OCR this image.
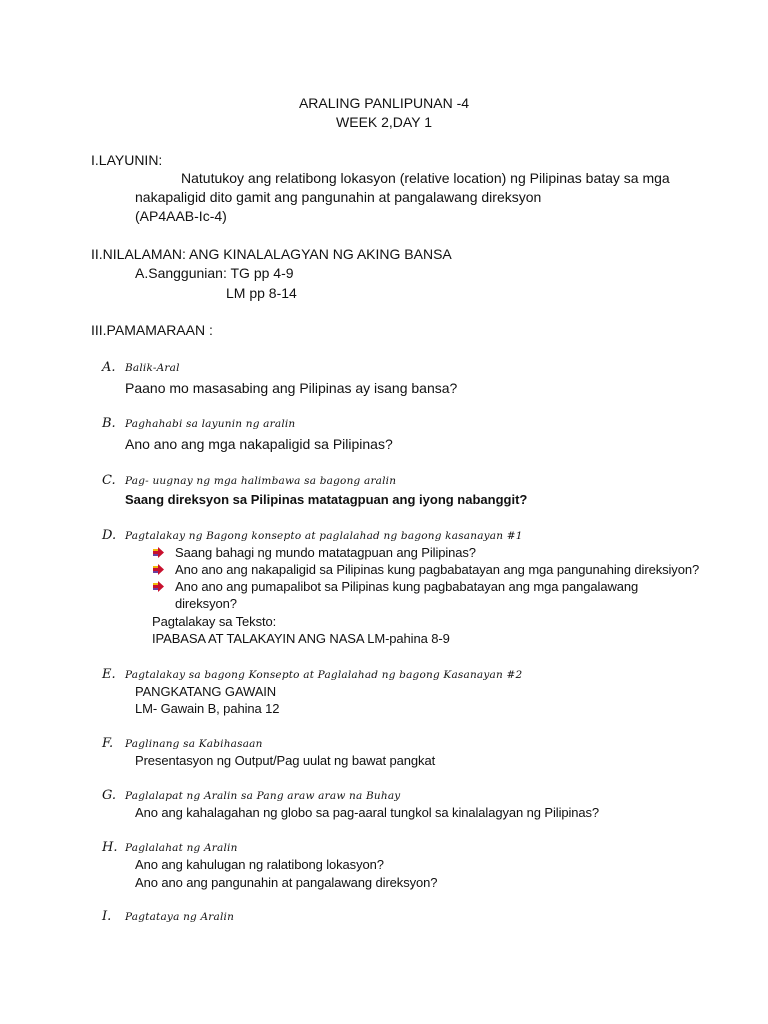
ARALING PANLIPUNAN -4
WEEK 2,DAY 1
I.LAYUNIN:
Natutukoy ang relatibong lokasyon (relative location) ng Pilipinas batay sa mga
nakapaligid dito gamit ang pangunahin at pangalawang direksyon
(AP4AAB-Ic-4)
II.NILALAMAN: ANG KINALALAGYAN NG AKING BANSA
A.Sanggunian: TG pp 4-9
LM pp 8-14
III.PAMAMARAAN :
A. Balik-Aral
Paano mo masasabing ang Pilipinas ay isang bansa?
B. Paghahabi sa layunin ng aralin
Ano ano ang mga nakapaligid sa Pilipinas?
C. Pag- uugnay ng mga halimbawa sa bagong aralin
Saang direksyon sa Pilipinas matatagpuan ang iyong nabanggit?
D. Pagtalakay ng Bagong konsepto at paglalahad ng bagong kasanayan #1
Saang bahagi ng mundo matatagpuan ang Pilipinas?
Ano ano ang nakapaligid sa Pilipinas kung pagbabatayan ang mga pangunahing direksiyon?
Ano ano ang pumapalibot sa Pilipinas kung pagbabatayan ang mga pangalawang
direksyon?
Pagtalakay sa Teksto:
IPABASA AT TALAKAYIN ANG NASA LM-pahina 8-9
E. Pagtalakay sa bagong Konsepto at Paglalahad ng bagong Kasanayan #2
PANGKATANG GAWAIN
LM- Gawain B, pahina 12
F. Paglinang sa Kabihasaan
Presentasyon ng Output/Pag uulat ng bawat pangkat
G. Paglalapat ng Aralin sa Pang araw araw na Buhay
Ano ang kahalagahan ng globo sa pag-aaral tungkol sa kinalalagyan ng Pilipinas?
H. Paglalahat ng Aralin
Ano ang kahulugan ng ralatibong lokasyon?
Ano ano ang pangunahin at pangalawang direksyon?
I. Pagtataya ng Aralin
